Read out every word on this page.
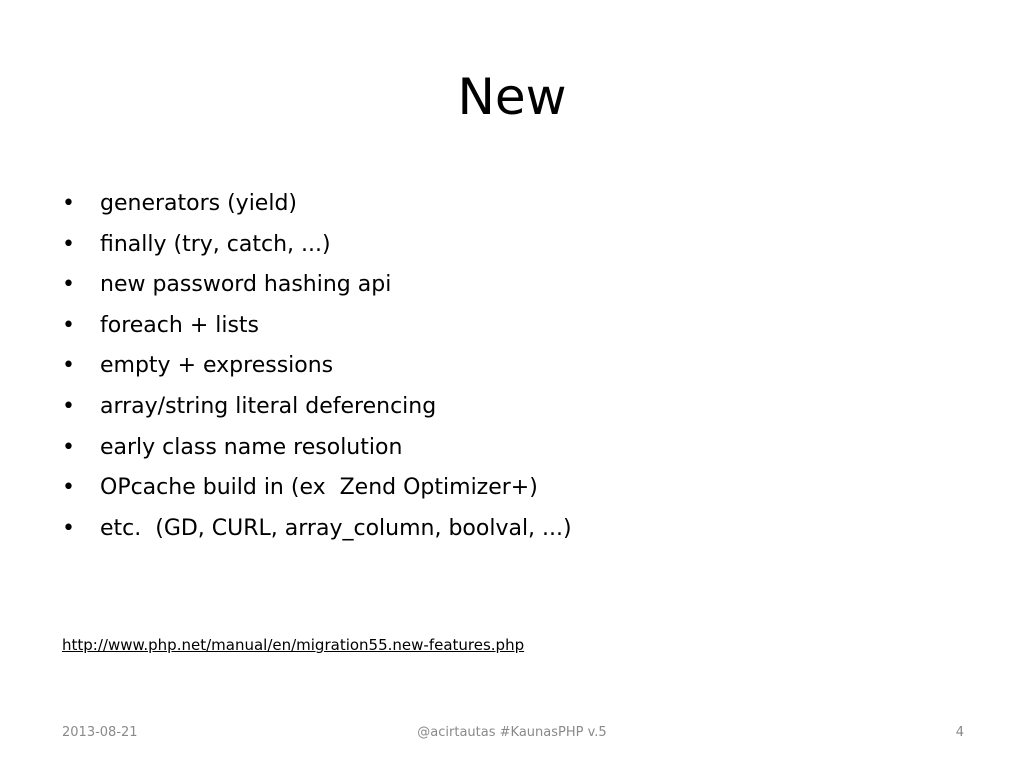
New

•

generators (yield)

•

finally (try, catch, ...)

•

new password hashing api

•

foreach + lists

•

empty + expressions

•

array/string literal deferencing

•

early class name resolution

•

OPcache build in (ex  Zend Optimizer+)

•

etc.  (GD, CURL, array_column, boolval, ...)

http://www.php.net/manual/en/migration55.new-features.php
2013-08-21	@acirtautas #KaunasPHP v.5	4
